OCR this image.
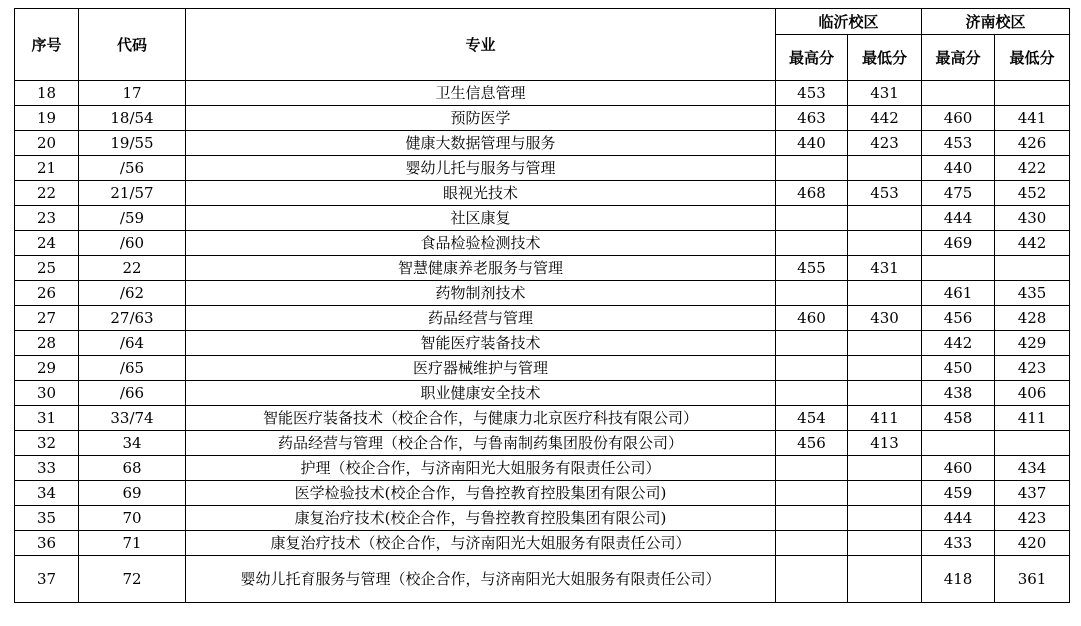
序号	代码	专业	临沂校区		济南校区	
			最高分	最低分	最高分	最低分
18	17	卫生信息管理	453	431		
19	18/54	预防医学	463	442	460	441
20	19/55	健康大数据管理与服务	440	423	453	426
21	/56	婴幼儿托与服务与管理			440	422
22	21/57	眼视光技术	468	453	475	452
23	/59	社区康复			444	430
24	/60	食品检验检测技术			469	442
25	22	智慧健康养老服务与管理	455	431		
26	/62	药物制剂技术			461	435
27	27/63	药品经营与管理	460	430	456	428
28	/64	智能医疗装备技术			442	429
29	/65	医疗器械维护与管理			450	423
30	/66	职业健康安全技术			438	406
31	33/74	智能医疗装备技术（校企合作，与健康力北京医疗科技有限公司）	454	411	458	411
32	34	药品经营与管理（校企合作，与鲁南制药集团股份有限公司）	456	413		
33	68	护理（校企合作，与济南阳光大姐服务有限责任公司）			460	434
34	69	医学检验技术(校企合作，与鲁控教育控股集团有限公司)			459	437
35	70	康复治疗技术(校企合作，与鲁控教育控股集团有限公司)			444	423
36	71	康复治疗技术（校企合作，与济南阳光大姐服务有限责任公司）			433	420
37	72	婴幼儿托育服务与管理（校企合作，与济南阳光大姐服务有限责任公司）			418	361
